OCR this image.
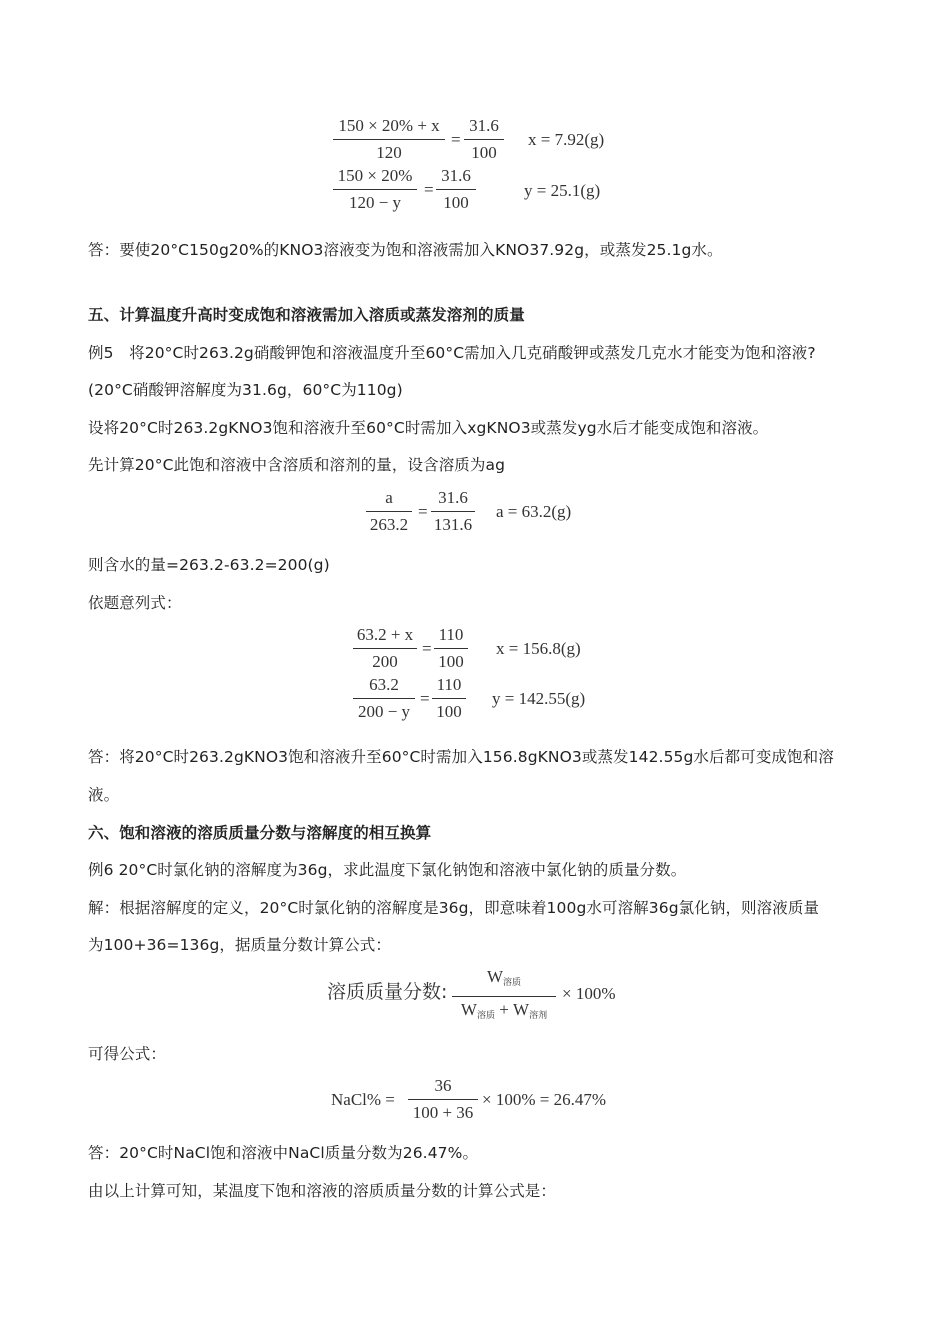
150 × 20% + x
120
=
31.6
100
x = 7.92(g)
150 × 20%
120 − y
=
31.6
100
y = 25.1(g)
答：要使20°C150g20%的KNO3溶液变为饱和溶液需加入KNO37.92g，或蒸发25.1g水。
五、计算温度升高时变成饱和溶液需加入溶质或蒸发溶剂的质量
例5　将20°C时263.2g硝酸钾饱和溶液温度升至60°C需加入几克硝酸钾或蒸发几克水才能变为饱和溶液?
(20°C硝酸钾溶解度为31.6g，60°C为110g)
设将20°C时263.2gKNO3饱和溶液升至60°C时需加入xgKNO3或蒸发yg水后才能变成饱和溶液。
先计算20°C此饱和溶液中含溶质和溶剂的量，设含溶质为ag
a
263.2
=
31.6
131.6
a = 63.2(g)
则含水的量=263.2-63.2=200(g)
依题意列式：
63.2 + x
200
=
110
100
x = 156.8(g)
63.2
200 − y
=
110
100
y = 142.55(g)
答：将20°C时263.2gKNO3饱和溶液升至60°C时需加入156.8gKNO3或蒸发142.55g水后都可变成饱和溶
液。
六、饱和溶液的溶质质量分数与溶解度的相互换算
例6 20°C时氯化钠的溶解度为36g，求此温度下氯化钠饱和溶液中氯化钠的质量分数。
解：根据溶解度的定义，20°C时氯化钠的溶解度是36g，即意味着100g水可溶解36g氯化钠，则溶液质量
为100+36=136g，据质量分数计算公式：
溶质质量分数:
$W_{溶质}$
$W_{溶质} + W_{溶剂}$
× 100%
可得公式：
NaCl% =
36
100 + 36
× 100% = 26.47%
答：20°C时NaCl饱和溶液中NaCl质量分数为26.47%。
由以上计算可知，某温度下饱和溶液的溶质质量分数的计算公式是：
